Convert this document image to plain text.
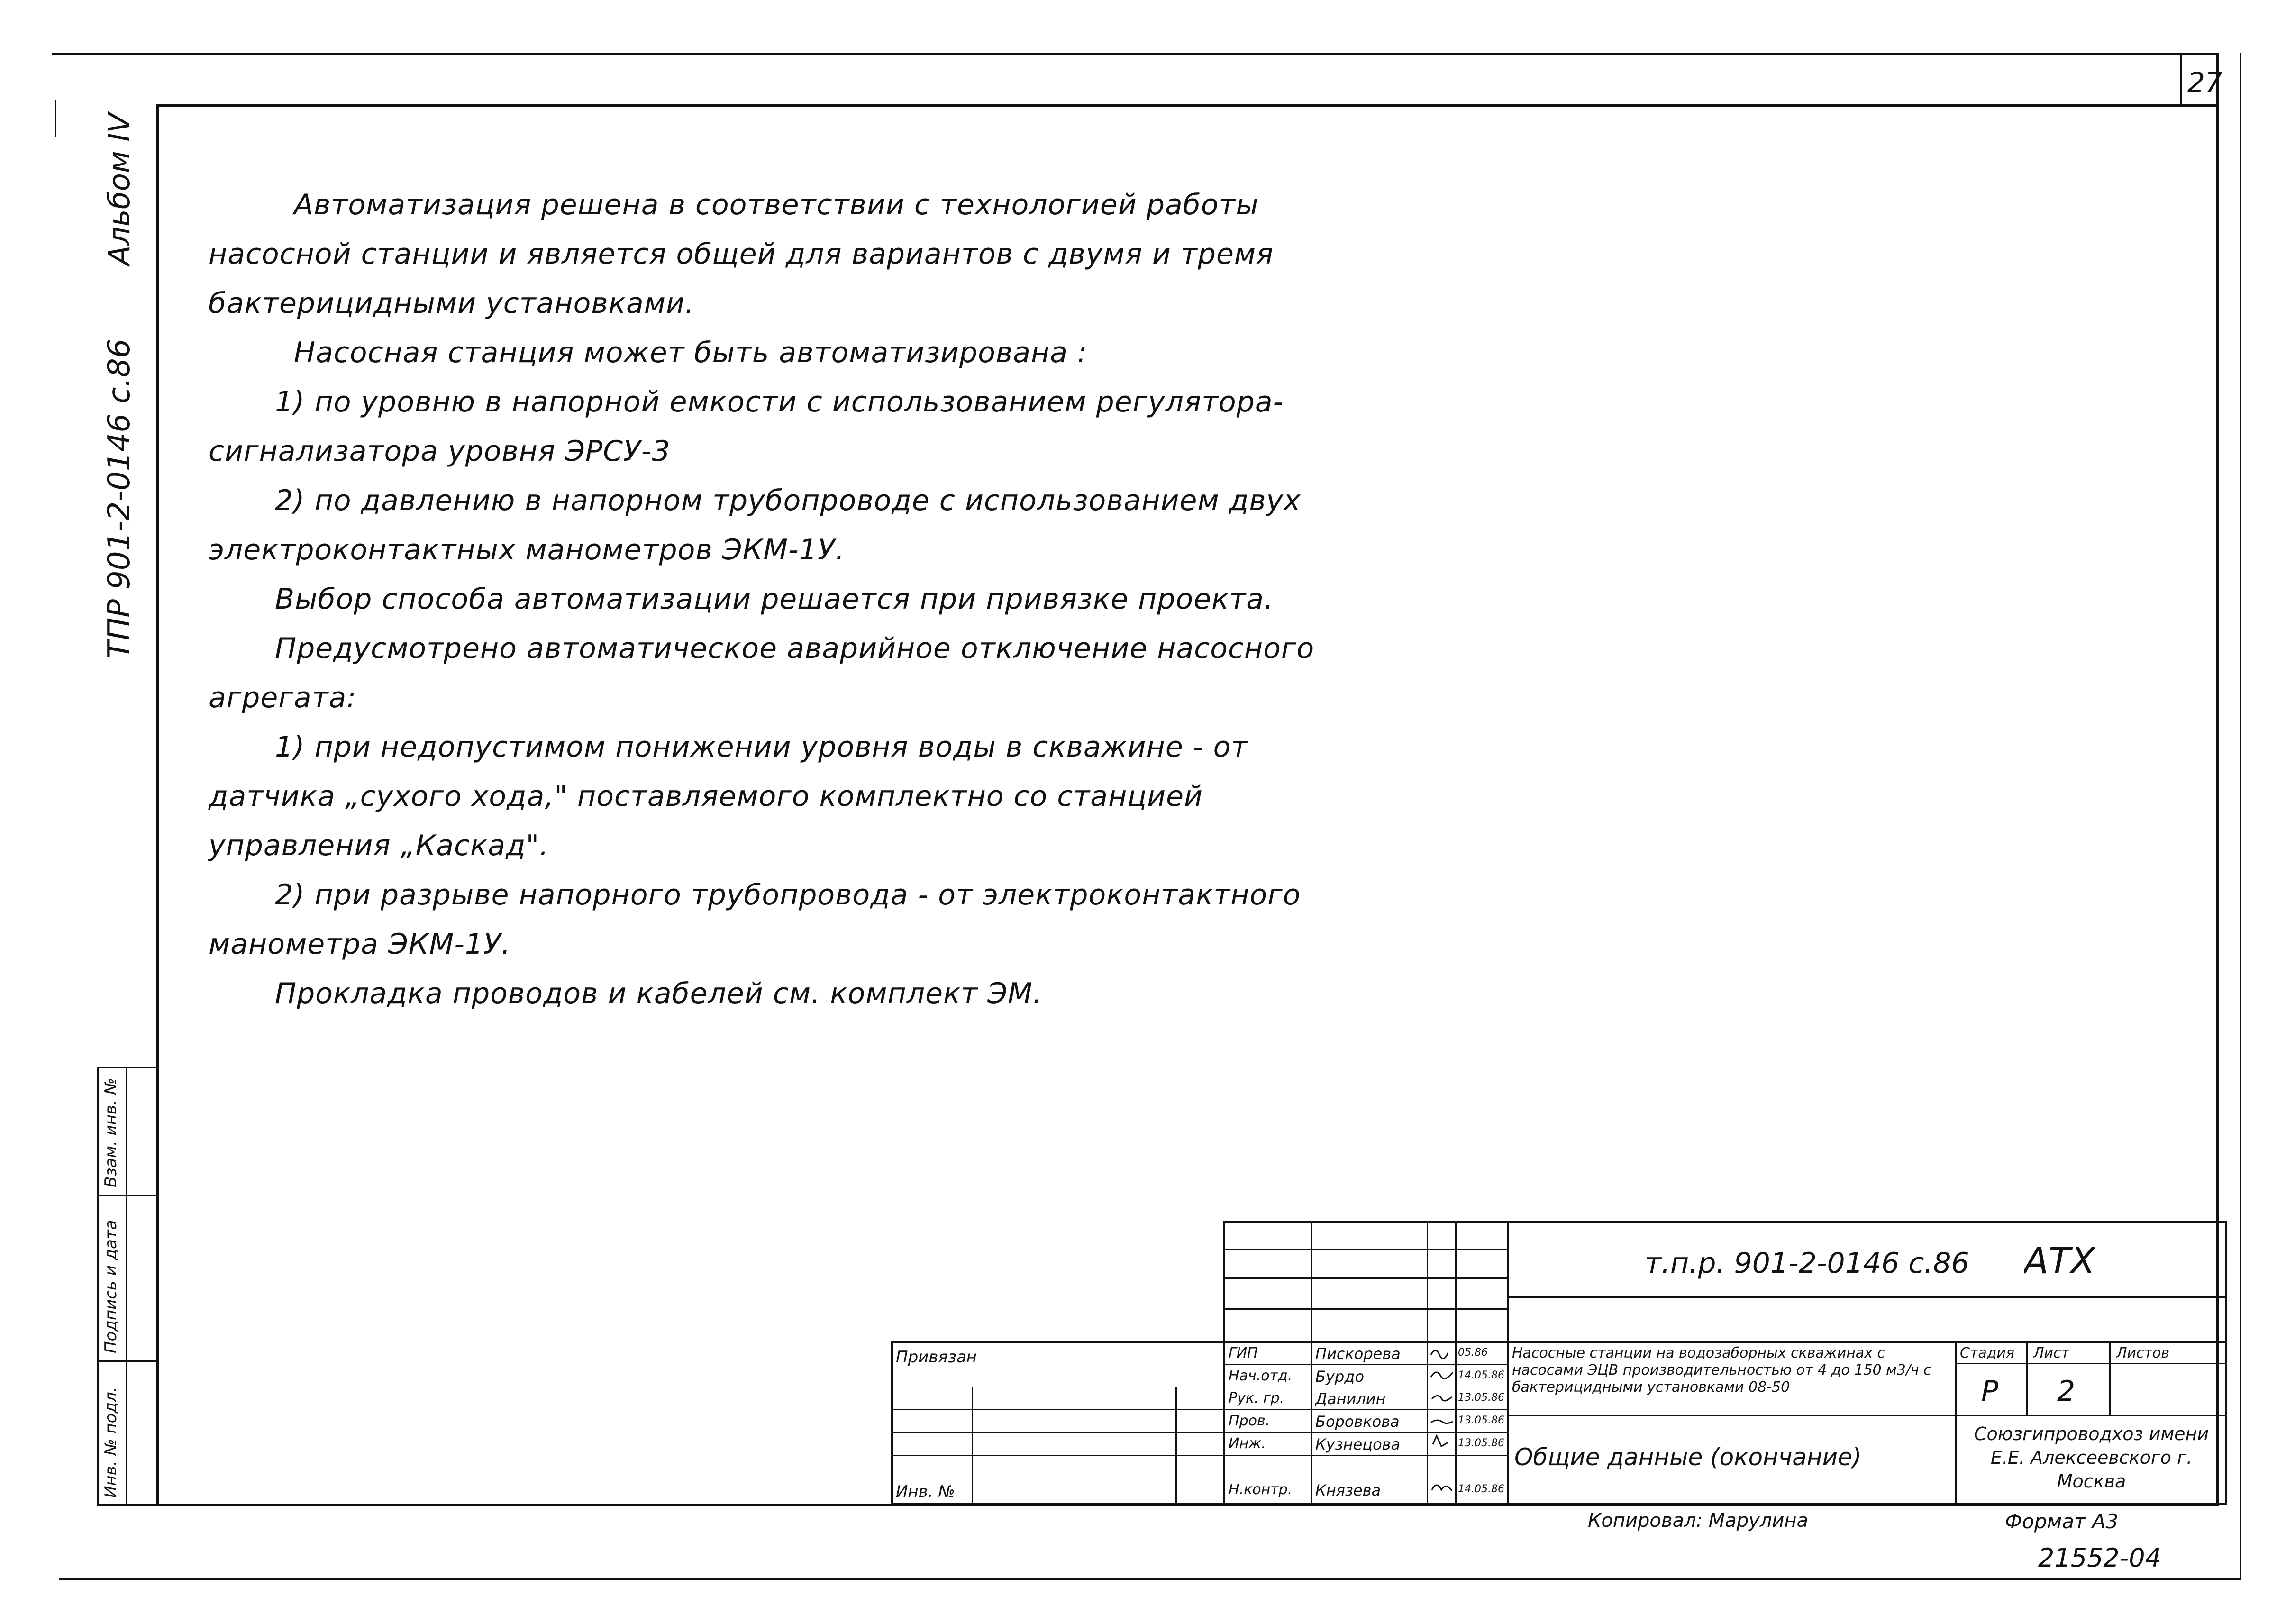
27
Альбом IV
ТПР 901-2-0146 с.86
Взам. инв. №
Подпись и дата
Инв. № подл.
Автоматизация решена в соответствии с технологией работы
насосной станции и является общей для вариантов с двумя и тремя
бактерицидными установками.
Насосная станция может быть автоматизирована :
1) по уровню в напорной емкости с использованием регулятора-
сигнализатора уровня ЭРСУ-3
2) по давлению в напорном трубопроводе с использованием двух
электроконтактных манометров ЭКМ-1У.
Выбор способа автоматизации решается при привязке проекта.
Предусмотрено автоматическое аварийное отключение насосного
агрегата:
1) при недопустимом понижении уровня воды в скважине - от
датчика „сухого хода," поставляемого комплектно со станцией
управления „Каскад".
2) при разрыве напорного трубопровода - от электроконтактного
манометра ЭКМ-1У.
Прокладка проводов и кабелей см. комплект ЭМ.
т.п.р. 901-2-0146 с.86 АТХ
Привязан
Инв. №
ГИП	Пискорева	05.86
Нач.отд. Бурдо	14.05.86
Рук. гр. Данилин	13.05.86
Пров.	Боровкова	13.05.86
Инж.	Кузнецова	13.05.86
Н.контр. Князева	14.05.86
Насосные станции на водозаборных скважинах с насосами ЭЦВ производительностью от 4 до 150 м3/ч с бактерицидными установками 08-50
Общие данные (окончание)
Стадия Лист	Листов
Р 2
Союзгипроводхоз имени Е.Е. Алексеевского г. Москва
Копировал: Марулина	Формат А3
21552-04
